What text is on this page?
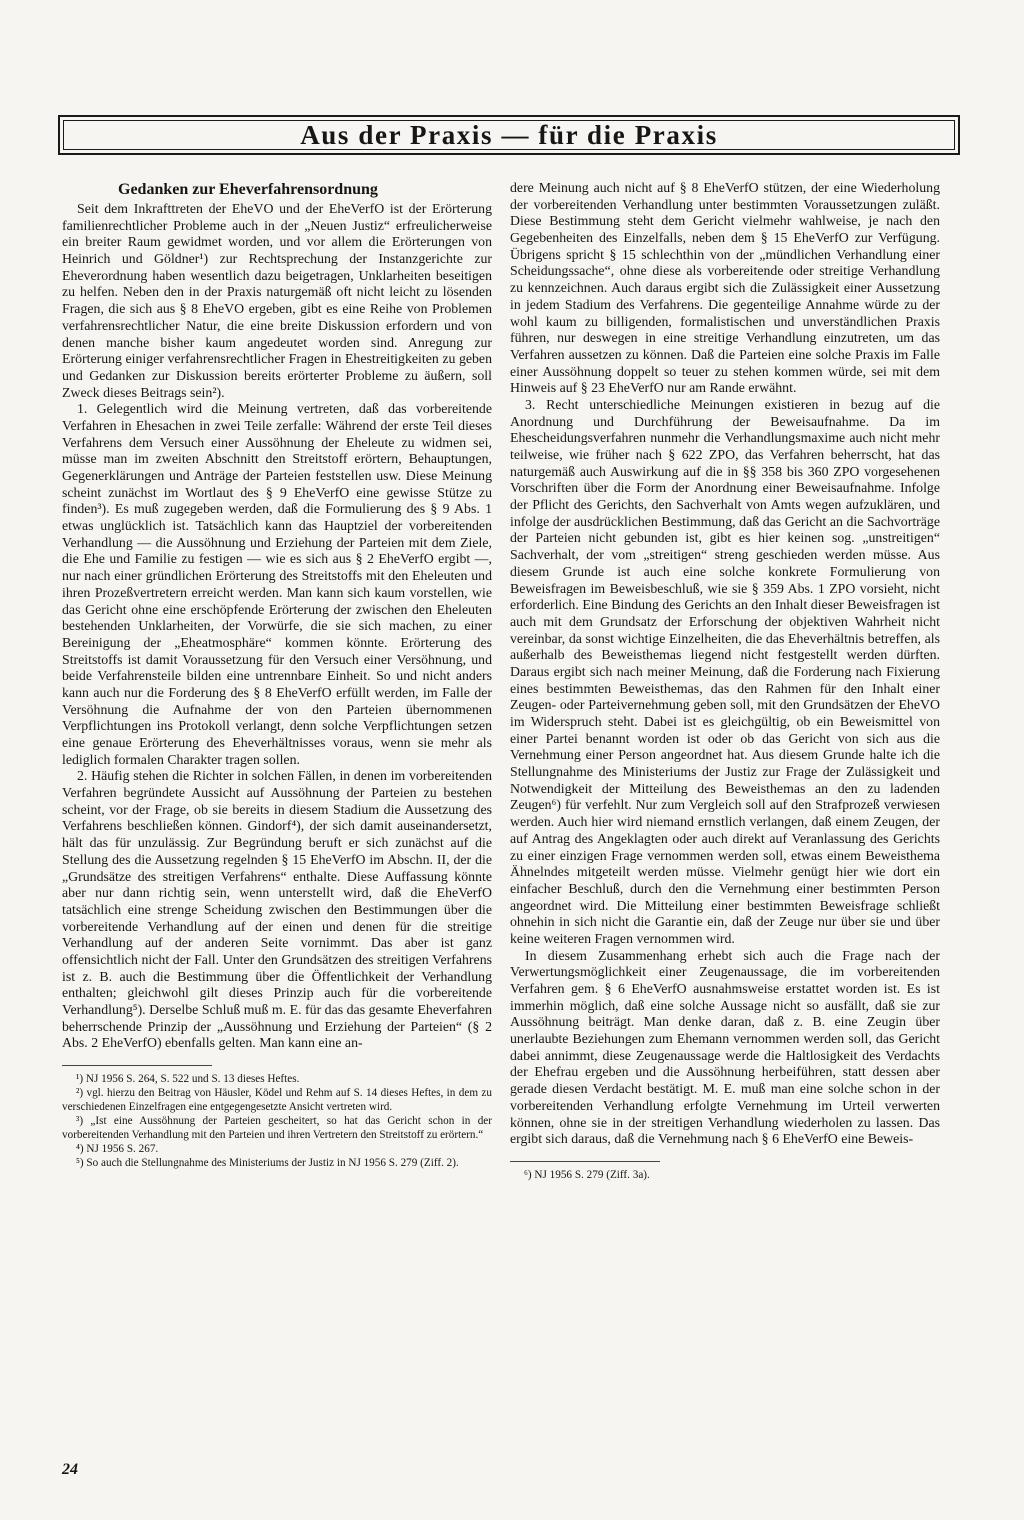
Aus der Praxis — für die Praxis
Gedanken zur Eheverfahrensordnung

Seit dem Inkrafttreten der EheVO und der EheVerfO ist der Erörterung familienrechtlicher Probleme auch in der „Neuen Justiz“ erfreulicherweise ein breiter Raum gewidmet worden, und vor allem die Erörterungen von Heinrich und Göldner¹) zur Rechtsprechung der Instanzgerichte zur Eheverordnung haben wesentlich dazu beigetragen, Unklarheiten beseitigen zu helfen. Neben den in der Praxis naturgemäß oft nicht leicht zu lösenden Fragen, die sich aus § 8 EheVO ergeben, gibt es eine Reihe von Problemen verfahrensrechtlicher Natur, die eine breite Diskussion erfordern und von denen manche bisher kaum angedeutet worden sind. Anregung zur Erörterung einiger verfahrensrechtlicher Fragen in Ehestreitigkeiten zu geben und Gedanken zur Diskussion bereits erörterter Probleme zu äußern, soll Zweck dieses Beitrags sein²).

1. Gelegentlich wird die Meinung vertreten, daß das vorbereitende Verfahren in Ehesachen in zwei Teile zerfalle: Während der erste Teil dieses Verfahrens dem Versuch einer Aussöhnung der Eheleute zu widmen sei, müsse man im zweiten Abschnitt den Streitstoff erörtern, Behauptungen, Gegenerklärungen und Anträge der Parteien feststellen usw. Diese Meinung scheint zunächst im Wortlaut des § 9 EheVerfO eine gewisse Stütze zu finden³). Es muß zugegeben werden, daß die Formulierung des § 9 Abs. 1 etwas unglücklich ist. Tatsächlich kann das Hauptziel der vorbereitenden Verhandlung — die Aussöhnung und Erziehung der Parteien mit dem Ziele, die Ehe und Familie zu festigen — wie es sich aus § 2 EheVerfO ergibt —, nur nach einer gründlichen Erörterung des Streitstoffs mit den Eheleuten und ihren Prozeßvertretern erreicht werden. Man kann sich kaum vorstellen, wie das Gericht ohne eine erschöpfende Erörterung der zwischen den Eheleuten bestehenden Unklarheiten, der Vorwürfe, die sie sich machen, zu einer Bereinigung der „Eheatmosphäre“ kommen könnte. Erörterung des Streitstoffs ist damit Voraussetzung für den Versuch einer Versöhnung, und beide Verfahrensteile bilden eine untrennbare Einheit. So und nicht anders kann auch nur die Forderung des § 8 EheVerfO erfüllt werden, im Falle der Versöhnung die Aufnahme der von den Parteien übernommenen Verpflichtungen ins Protokoll verlangt, denn solche Verpflichtungen setzen eine genaue Erörterung des Eheverhältnisses voraus, wenn sie mehr als lediglich formalen Charakter tragen sollen.

2. Häufig stehen die Richter in solchen Fällen, in denen im vorbereitenden Verfahren begründete Aussicht auf Aussöhnung der Parteien zu bestehen scheint, vor der Frage, ob sie bereits in diesem Stadium die Aussetzung des Verfahrens beschließen können. Gindorf⁴), der sich damit auseinandersetzt, hält das für unzulässig. Zur Begründung beruft er sich zunächst auf die Stellung des die Aussetzung regelnden § 15 EheVerfO im Abschn. II, der die „Grundsätze des streitigen Verfahrens“ enthalte. Diese Auffassung könnte aber nur dann richtig sein, wenn unterstellt wird, daß die EheVerfO tatsächlich eine strenge Scheidung zwischen den Bestimmungen über die vorbereitende Verhandlung auf der einen und denen für die streitige Verhandlung auf der anderen Seite vornimmt. Das aber ist ganz offensichtlich nicht der Fall. Unter den Grundsätzen des streitigen Verfahrens ist z. B. auch die Bestimmung über die Öffentlichkeit der Verhandlung enthalten; gleichwohl gilt dieses Prinzip auch für die vorbereitende Verhandlung⁵). Derselbe Schluß muß m. E. für das das gesamte Eheverfahren beherrschende Prinzip der „Aussöhnung und Erziehung der Parteien“ (§ 2 Abs. 2 EheVerfO) ebenfalls gelten. Man kann eine an-

¹) NJ 1956 S. 264, S. 522 und S. 13 dieses Heftes.

²) vgl. hierzu den Beitrag von Häusler, Ködel und Rehm auf S. 14 dieses Heftes, in dem zu verschiedenen Einzelfragen eine entgegengesetzte Ansicht vertreten wird.

³) „Ist eine Aussöhnung der Parteien gescheitert, so hat das Gericht schon in der vorbereitenden Verhandlung mit den Parteien und ihren Vertretern den Streitstoff zu erörtern.“

⁴) NJ 1956 S. 267.

⁵) So auch die Stellungnahme des Ministeriums der Justiz in NJ 1956 S. 279 (Ziff. 2).

dere Meinung auch nicht auf § 8 EheVerfO stützen, der eine Wiederholung der vorbereitenden Verhandlung unter bestimmten Voraussetzungen zuläßt. Diese Bestimmung steht dem Gericht vielmehr wahlweise, je nach den Gegebenheiten des Einzelfalls, neben dem § 15 EheVerfO zur Verfügung. Übrigens spricht § 15 schlechthin von der „mündlichen Verhandlung einer Scheidungssache“, ohne diese als vorbereitende oder streitige Verhandlung zu kennzeichnen. Auch daraus ergibt sich die Zulässigkeit einer Aussetzung in jedem Stadium des Verfahrens. Die gegenteilige Annahme würde zu der wohl kaum zu billigenden, formalistischen und unverständlichen Praxis führen, nur deswegen in eine streitige Verhandlung einzutreten, um das Verfahren aussetzen zu können. Daß die Parteien eine solche Praxis im Falle einer Aussöhnung doppelt so teuer zu stehen kommen würde, sei mit dem Hinweis auf § 23 EheVerfO nur am Rande erwähnt.

3. Recht unterschiedliche Meinungen existieren in bezug auf die Anordnung und Durchführung der Beweisaufnahme. Da im Ehescheidungsverfahren nunmehr die Verhandlungsmaxime auch nicht mehr teilweise, wie früher nach § 622 ZPO, das Verfahren beherrscht, hat das naturgemäß auch Auswirkung auf die in §§ 358 bis 360 ZPO vorgesehenen Vorschriften über die Form der Anordnung einer Beweisaufnahme. Infolge der Pflicht des Gerichts, den Sachverhalt von Amts wegen aufzuklären, und infolge der ausdrücklichen Bestimmung, daß das Gericht an die Sachvorträge der Parteien nicht gebunden ist, gibt es hier keinen sog. „unstreitigen“ Sachverhalt, der vom „streitigen“ streng geschieden werden müsse. Aus diesem Grunde ist auch eine solche konkrete Formulierung von Beweisfragen im Beweisbeschluß, wie sie § 359 Abs. 1 ZPO vorsieht, nicht erforderlich. Eine Bindung des Gerichts an den Inhalt dieser Beweisfragen ist auch mit dem Grundsatz der Erforschung der objektiven Wahrheit nicht vereinbar, da sonst wichtige Einzelheiten, die das Eheverhältnis betreffen, als außerhalb des Beweisthemas liegend nicht festgestellt werden dürften. Daraus ergibt sich nach meiner Meinung, daß die Forderung nach Fixierung eines bestimmten Beweisthemas, das den Rahmen für den Inhalt einer Zeugen- oder Parteivernehmung geben soll, mit den Grundsätzen der EheVO im Widerspruch steht. Dabei ist es gleichgültig, ob ein Beweismittel von einer Partei benannt worden ist oder ob das Gericht von sich aus die Vernehmung einer Person angeordnet hat. Aus diesem Grunde halte ich die Stellungnahme des Ministeriums der Justiz zur Frage der Zulässigkeit und Notwendigkeit der Mitteilung des Beweisthemas an den zu ladenden Zeugen⁶) für verfehlt. Nur zum Vergleich soll auf den Strafprozeß verwiesen werden. Auch hier wird niemand ernstlich verlangen, daß einem Zeugen, der auf Antrag des Angeklagten oder auch direkt auf Veranlassung des Gerichts zu einer einzigen Frage vernommen werden soll, etwas einem Beweisthema Ähnelndes mitgeteilt werden müsse. Vielmehr genügt hier wie dort ein einfacher Beschluß, durch den die Vernehmung einer bestimmten Person angeordnet wird. Die Mitteilung einer bestimmten Beweisfrage schließt ohnehin in sich nicht die Garantie ein, daß der Zeuge nur über sie und über keine weiteren Fragen vernommen wird.

In diesem Zusammenhang erhebt sich auch die Frage nach der Verwertungsmöglichkeit einer Zeugenaussage, die im vorbereitenden Verfahren gem. § 6 EheVerfO ausnahmsweise erstattet worden ist. Es ist immerhin möglich, daß eine solche Aussage nicht so ausfällt, daß sie zur Aussöhnung beiträgt. Man denke daran, daß z. B. eine Zeugin über unerlaubte Beziehungen zum Ehemann vernommen werden soll, das Gericht dabei annimmt, diese Zeugenaussage werde die Haltlosigkeit des Verdachts der Ehefrau ergeben und die Aussöhnung herbeiführen, statt dessen aber gerade diesen Verdacht bestätigt. M. E. muß man eine solche schon in der vorbereitenden Verhandlung erfolgte Vernehmung im Urteil verwerten können, ohne sie in der streitigen Verhandlung wiederholen zu lassen. Das ergibt sich daraus, daß die Vernehmung nach § 6 EheVerfO eine Beweis-

⁶) NJ 1956 S. 279 (Ziff. 3a).

24
